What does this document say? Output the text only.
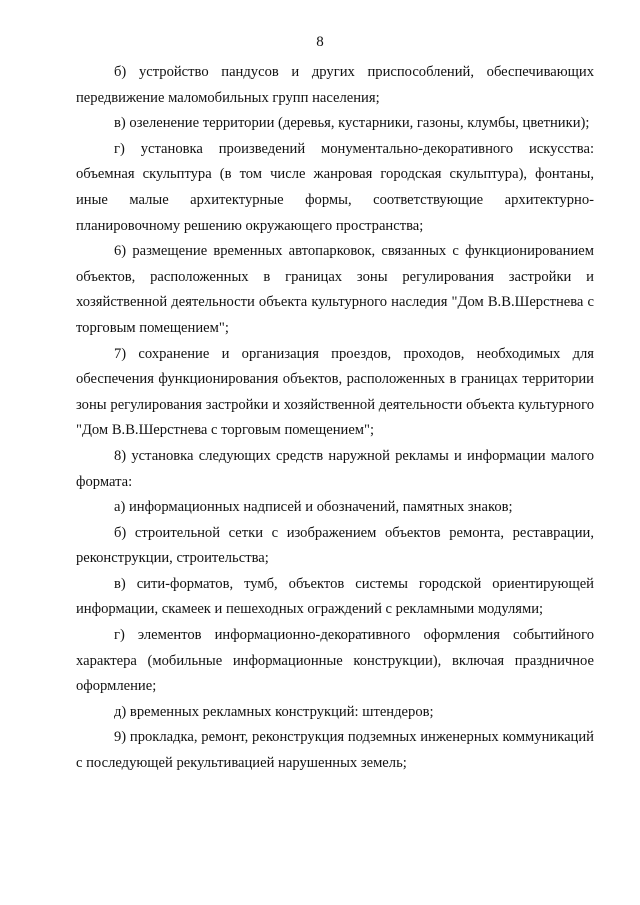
8

б) устройство пандусов и других приспособлений, обеспечивающих передвижение маломобильных групп населения;

в) озеленение территории (деревья, кустарники, газоны, клумбы, цветники);

г) установка произведений монументально-декоративного искусства: объемная скульптура (в том числе жанровая городская скульптура), фонтаны, иные малые архитектурные формы, соответствующие архитектурно-планировочному решению окружающего пространства;

6) размещение временных автопарковок, связанных с функционированием объектов, расположенных в границах зоны регулирования застройки и хозяйственной деятельности объекта культурного наследия "Дом В.В.Шерстнева с торговым помещением";

7) сохранение и организация проездов, проходов, необходимых для обеспечения функционирования объектов, расположенных в границах территории зоны регулирования застройки и хозяйственной деятельности объекта культурного "Дом В.В.Шерстнева с торговым помещением";

8) установка следующих средств наружной рекламы и информации малого формата:

а) информационных надписей и обозначений, памятных знаков;

б) строительной сетки с изображением объектов ремонта, реставрации, реконструкции, строительства;

в) сити-форматов, тумб, объектов системы городской ориентирующей информации, скамеек и пешеходных ограждений с рекламными модулями;

г) элементов информационно-декоративного оформления событийного характера (мобильные информационные конструкции), включая праздничное оформление;

д) временных рекламных конструкций: штендеров;

9) прокладка, ремонт, реконструкция подземных инженерных коммуникаций с последующей рекультивацией нарушенных земель;
